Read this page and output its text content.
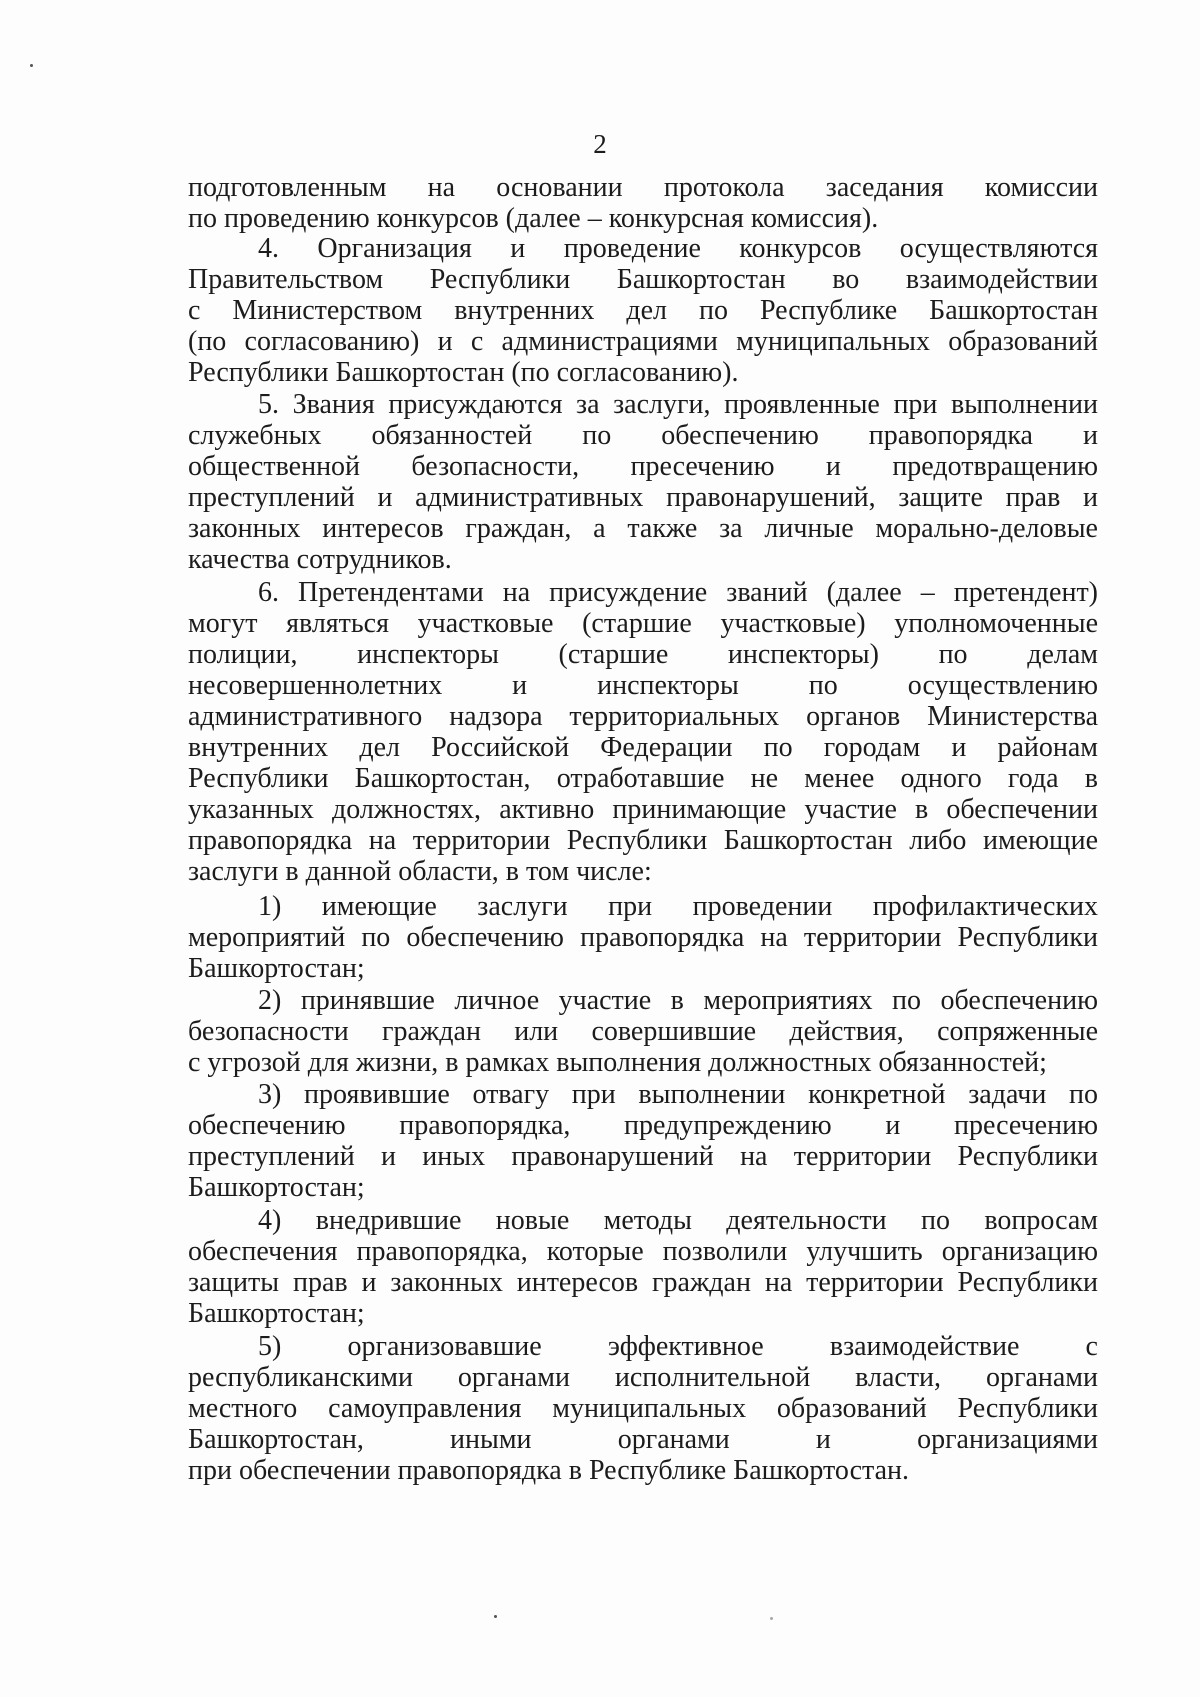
2
подготовленным на основании протокола заседания комиссии
по проведению конкурсов (далее – конкурсная комиссия).
4. Организация и проведение конкурсов осуществляются
Правительством Республики Башкортостан во взаимодействии
с Министерством внутренних дел по Республике Башкортостан
(по согласованию) и с администрациями муниципальных образований
Республики Башкортостан (по согласованию).
5. Звания присуждаются за заслуги, проявленные при выполнении
служебных обязанностей по обеспечению правопорядка и
общественной безопасности, пресечению и предотвращению
преступлений и административных правонарушений, защите прав и
законных интересов граждан, а также за личные морально-деловые
качества сотрудников.
6. Претендентами на присуждение званий (далее – претендент)
могут являться участковые (старшие участковые) уполномоченные
полиции, инспекторы (старшие инспекторы) по делам
несовершеннолетних и инспекторы по осуществлению
административного надзора территориальных органов Министерства
внутренних дел Российской Федерации по городам и районам
Республики Башкортостан, отработавшие не менее одного года в
указанных должностях, активно принимающие участие в обеспечении
правопорядка на территории Республики Башкортостан либо имеющие
заслуги в данной области, в том числе:
1) имеющие заслуги при проведении профилактических
мероприятий по обеспечению правопорядка на территории Республики
Башкортостан;
2) принявшие личное участие в мероприятиях по обеспечению
безопасности граждан или совершившие действия, сопряженные
с угрозой для жизни, в рамках выполнения должностных обязанностей;
3) проявившие отвагу при выполнении конкретной задачи по
обеспечению правопорядка, предупреждению и пресечению
преступлений и иных правонарушений на территории Республики
Башкортостан;
4) внедрившие новые методы деятельности по вопросам
обеспечения правопорядка, которые позволили улучшить организацию
защиты прав и законных интересов граждан на территории Республики
Башкортостан;
5) организовавшие эффективное взаимодействие с
республиканскими органами исполнительной власти, органами
местного самоуправления муниципальных образований Республики
Башкортостан, иными органами и организациями
при обеспечении правопорядка в Республике Башкортостан.
